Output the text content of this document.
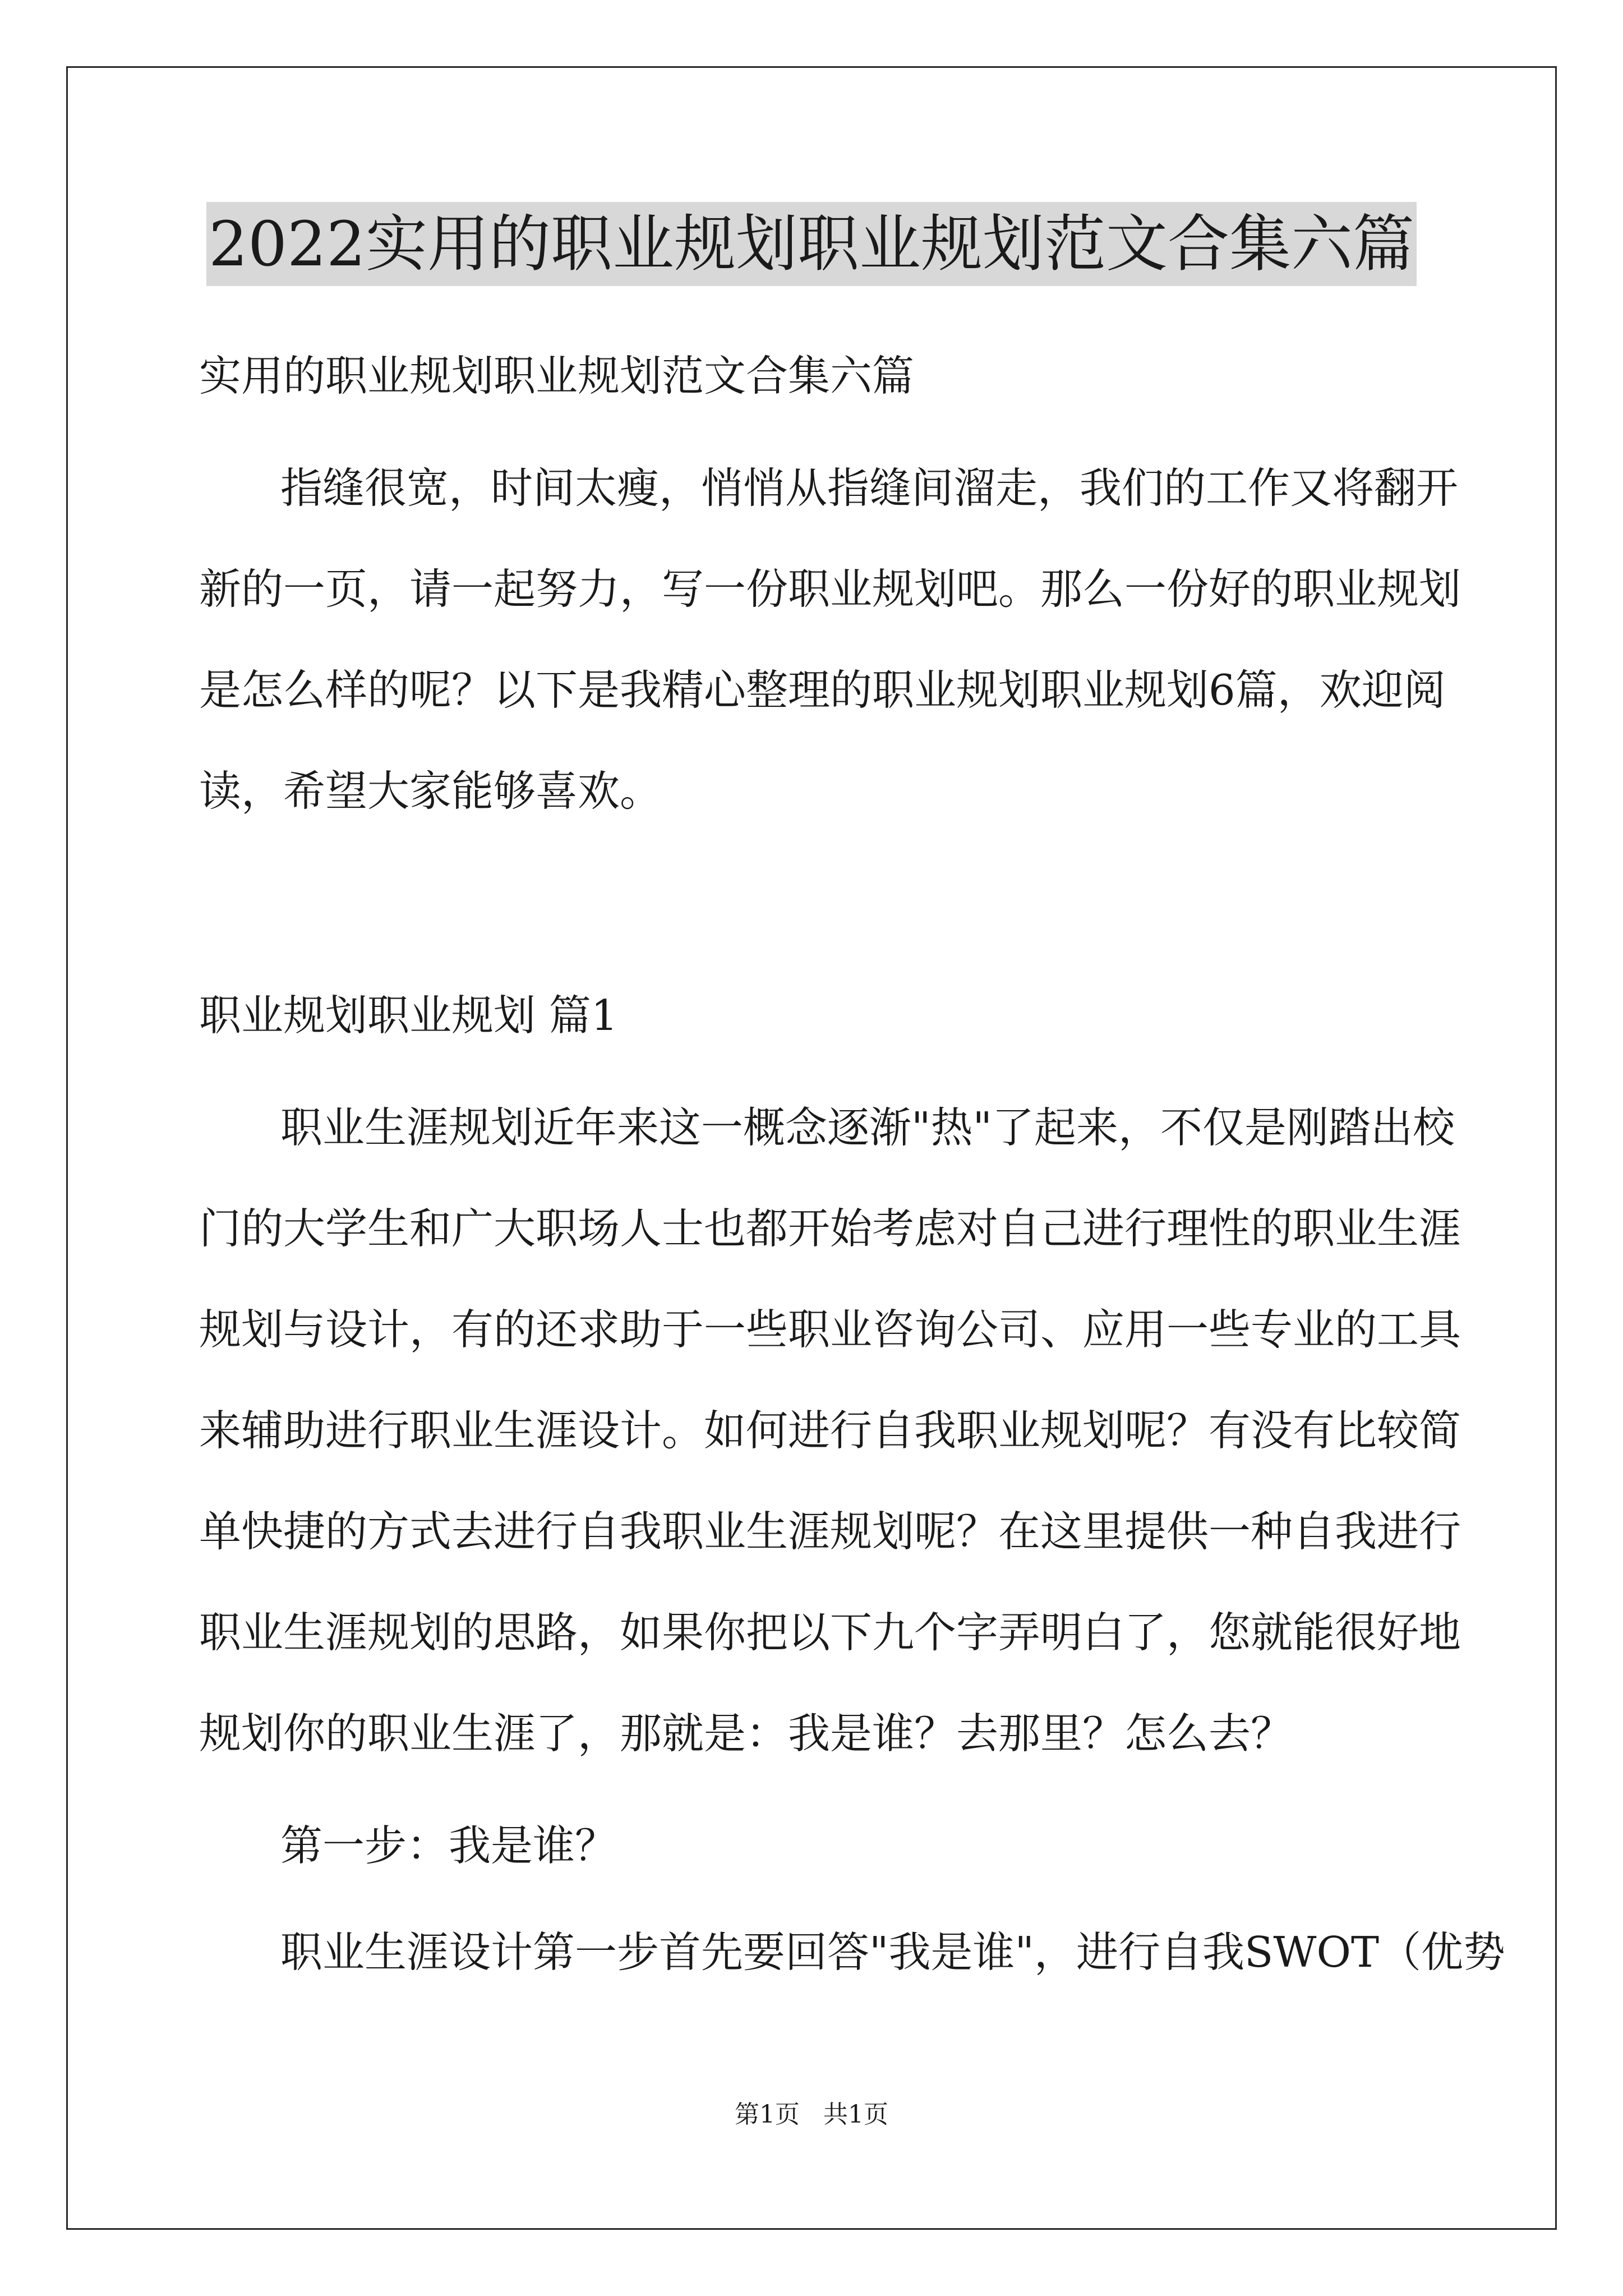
2022实用的职业规划职业规划范文合集六篇
实用的职业规划职业规划范文合集六篇
指缝很宽，时间太瘦，悄悄从指缝间溜走，我们的工作又将翻开
新的一页，请一起努力，写一份职业规划吧。那么一份好的职业规划
是怎么样的呢？以下是我精心整理的职业规划职业规划6篇，欢迎阅
读，希望大家能够喜欢。
职业规划职业规划 篇1
职业生涯规划近年来这一概念逐渐"热"了起来，不仅是刚踏出校
门的大学生和广大职场人士也都开始考虑对自己进行理性的职业生涯
规划与设计，有的还求助于一些职业咨询公司、应用一些专业的工具
来辅助进行职业生涯设计。如何进行自我职业规划呢？有没有比较简
单快捷的方式去进行自我职业生涯规划呢？在这里提供一种自我进行
职业生涯规划的思路，如果你把以下九个字弄明白了，您就能很好地
规划你的职业生涯了，那就是：我是谁？去那里？怎么去？
第一步：我是谁？
职业生涯设计第一步首先要回答"我是谁"，进行自我SWOT（优势
第1页   共1页
